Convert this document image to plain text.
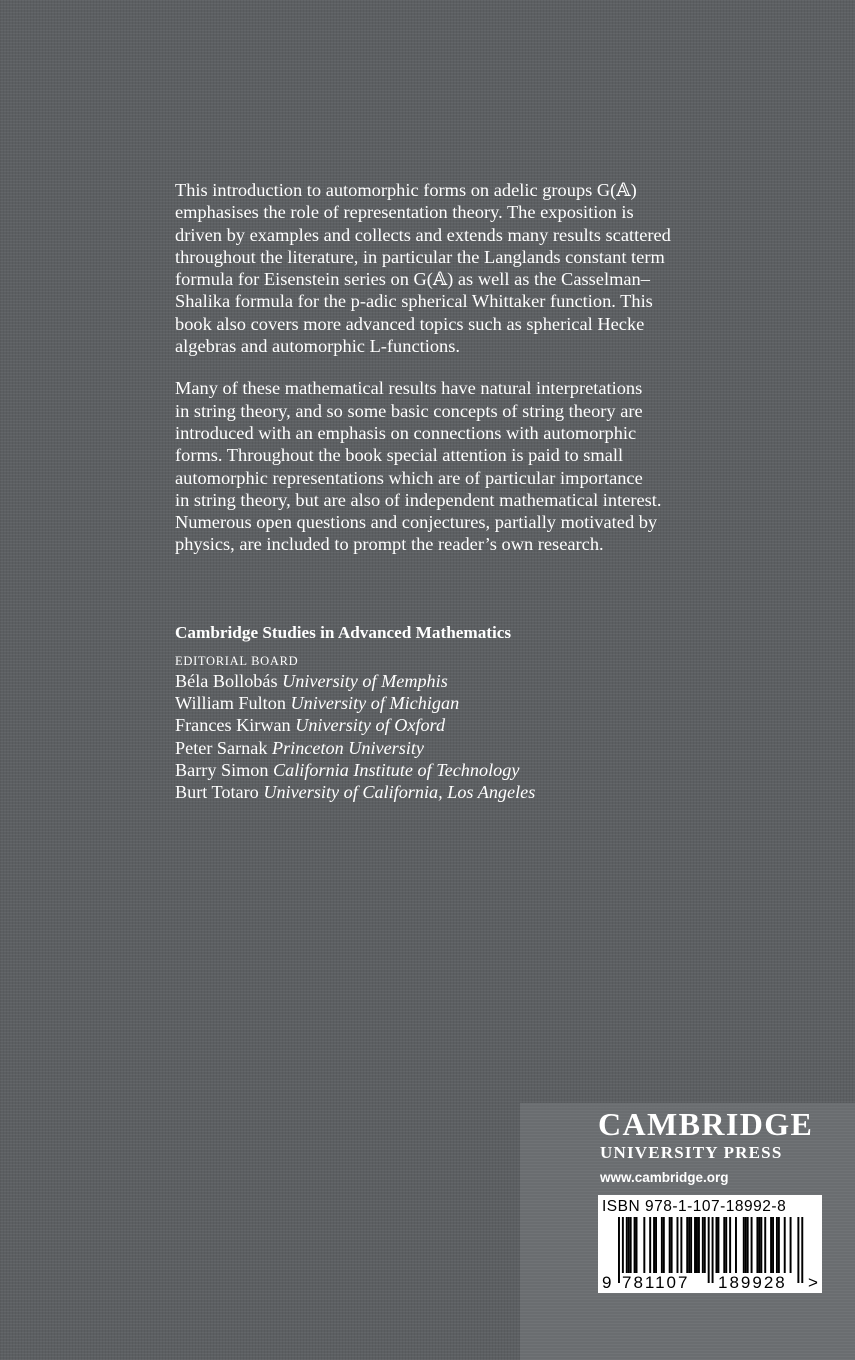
This introduction to automorphic forms on adelic groups G(𝔸)

emphasises the role of representation theory. The exposition is

driven by examples and collects and extends many results scattered

throughout the literature, in particular the Langlands constant term

formula for Eisenstein series on G(𝔸) as well as the Casselman–

Shalika formula for the p-adic spherical Whittaker function. This

book also covers more advanced topics such as spherical Hecke

algebras and automorphic L-functions.

Many of these mathematical results have natural interpretations

in string theory, and so some basic concepts of string theory are

introduced with an emphasis on connections with automorphic

forms. Throughout the book special attention is paid to small

automorphic representations which are of particular importance

in string theory, but are also of independent mathematical interest.

Numerous open questions and conjectures, partially motivated by

physics, are included to prompt the reader’s own research.

Cambridge Studies in Advanced Mathematics
EDITORIAL BOARD
Béla Bollobás University of Memphis
William Fulton University of Michigan
Frances Kirwan University of Oxford
Peter Sarnak Princeton University
Barry Simon California Institute of Technology
Burt Totaro University of California, Los Angeles
CAMBRIDGE
UNIVERSITY PRESS
www.cambridge.org
ISBN 978-1-107-18992-8
9 781107 189928 >
